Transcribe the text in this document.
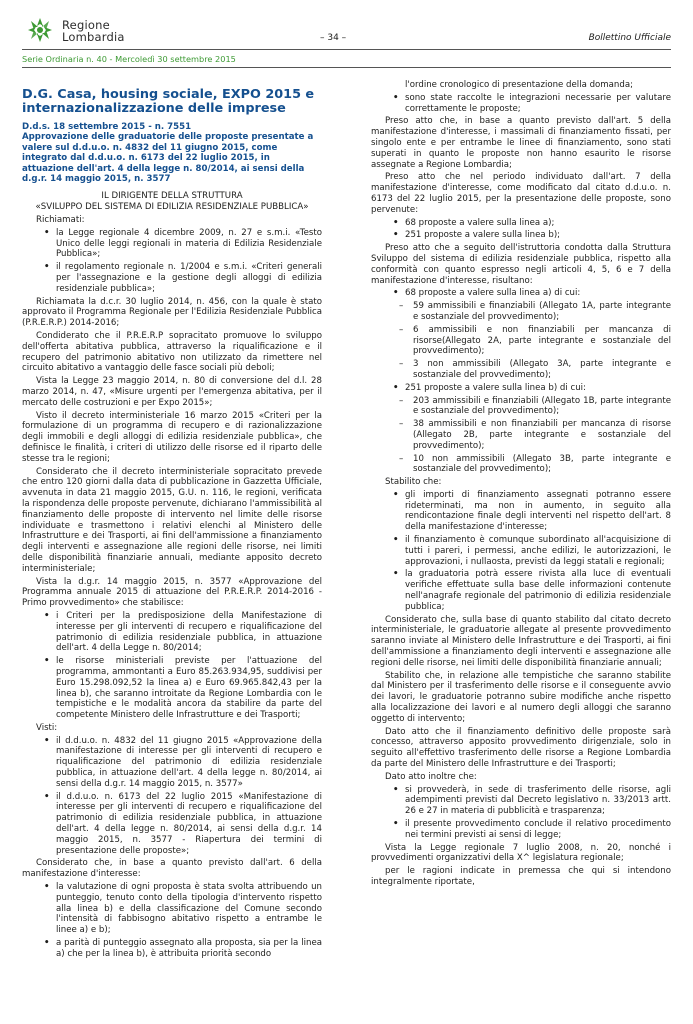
Regione
Lombardia	– 34 –	Bollettino Ufficiale
Serie Ordinaria n. 40 - Mercoledì 30 settembre 2015
D.G. Casa, housing sociale, EXPO 2015 e
internazionalizzazione delle imprese
D.d.s. 18 settembre 2015 - n. 7551
Approvazione delle graduatorie delle proposte presentate a valere sul d.d.u.o. n. 4832 del 11 giugno 2015, come integrato dal d.d.u.o. n. 6173 del 22 luglio 2015, in attuazione dell'art. 4 della legge n. 80/2014, ai sensi della d.g.r. 14 maggio 2015, n. 3577
IL DIRIGENTE DELLA STRUTTURA
«SVILUPPO DEL SISTEMA DI EDILIZIA RESIDENZIALE PUBBLICA»

Richiamati:

• la Legge regionale 4 dicembre 2009, n. 27 e s.m.i. «Testo Unico delle leggi regionali in materia di Edilizia Residenziale Pubblica»;
• il regolamento regionale n. 1/2004 e s.m.i. «Criteri generali per l'assegnazione e la gestione degli alloggi di edilizia residenziale pubblica»;

Richiamata la d.c.r. 30 luglio 2014, n. 456, con la quale è stato approvato il Programma Regionale per l'Edilizia Residenziale Pubblica (P.R.E.R.P.) 2014-2016;

Condiderato che il P.R.E.R.P sopracitato promuove lo sviluppo dell'offerta abitativa pubblica, attraverso la riqualificazione e il recupero del patrimonio abitativo non utilizzato da rimettere nel circuito abitativo a vantaggio delle fasce sociali più deboli;

Vista la Legge 23 maggio 2014, n. 80 di conversione del d.l. 28 marzo 2014, n. 47, «Misure urgenti per l'emergenza abitativa, per il mercato delle costruzioni e per Expo 2015»;

Visto il decreto interministeriale 16 marzo 2015 «Criteri per la formulazione di un programma di recupero e di razionalizzazione degli immobili e degli alloggi di edilizia residenziale pubblica», che definisce le finalità, i criteri di utilizzo delle risorse ed il riparto delle stesse tra le regioni;

Considerato che il decreto interministeriale sopracitato prevede che entro 120 giorni dalla data di pubblicazione in Gazzetta Ufficiale, avvenuta in data 21 maggio 2015, G.U. n. 116, le regioni, verificata la rispondenza delle proposte pervenute, dichiarano l'ammissibilità al finanziamento delle proposte di intervento nel limite delle risorse individuate e trasmettono i relativi elenchi al Ministero delle Infrastrutture e dei Trasporti, ai fini dell'ammissione a finanziamento degli interventi e assegnazione alle regioni delle risorse, nei limiti delle disponibilità finanziarie annuali, mediante apposito decreto interministeriale;

Vista la d.g.r. 14 maggio 2015, n. 3577 «Approvazione del Programma annuale 2015 di attuazione del P.R.E.R.P. 2014-2016 - Primo provvedimento» che stabilisce:

• i Criteri per la predisposizione della Manifestazione di interesse per gli interventi di recupero e riqualificazione del patrimonio di edilizia residenziale pubblica, in attuazione dell'art. 4 della Legge n. 80/2014;
• le risorse ministeriali previste per l'attuazione del programma, ammontanti a Euro 85.263.934,95, suddivisi per Euro 15.298.092,52 la linea a) e Euro 69.965.842,43 per la linea b), che saranno introitate da Regione Lombardia con le tempistiche e le modalità ancora da stabilire da parte del competente Ministero delle Infrastrutture e dei Trasporti;

Visti:

• il d.d.u.o. n. 4832 del 11 giugno 2015 «Approvazione della manifestazione di interesse per gli interventi di recupero e riqualificazione del patrimonio di edilizia residenziale pubblica, in attuazione dell'art. 4 della legge n. 80/2014, ai sensi della d.g.r. 14 maggio 2015, n. 3577»
• il d.d.u.o. n. 6173 del 22 luglio 2015 «Manifestazione di interesse per gli interventi di recupero e riqualificazione del patrimonio di edilizia residenziale pubblica, in attuazione dell'art. 4 della legge n. 80/2014, ai sensi della d.g.r. 14 maggio 2015, n. 3577 - Riapertura dei termini di presentazione delle proposte»;

Considerato che, in base a quanto previsto dall'art. 6 della manifestazione d'interesse:

• la valutazione di ogni proposta è stata svolta attribuendo un punteggio, tenuto conto della tipologia d'intervento rispetto alla linea b) e della classificazione del Comune secondo l'intensità di fabbisogno abitativo rispetto a entrambe le linee a) e b);
• a parità di punteggio assegnato alla proposta, sia per la linea a) che per la linea b), è attribuita priorità secondo
l'ordine cronologico di presentazione della domanda;
• sono state raccolte le integrazioni necessarie per valutare correttamente le proposte;

Preso atto che, in base a quanto previsto dall'art. 5 della manifestazione d'interesse, i massimali di finanziamento fissati, per singolo ente e per entrambe le linee di finanziamento, sono stati superati in quanto le proposte non hanno esaurito le risorse assegnate a Regione Lombardia;

Preso atto che nel periodo individuato dall'art. 7 della manifestazione d'interesse, come modificato dal citato d.d.u.o. n. 6173 del 22 luglio 2015, per la presentazione delle proposte, sono pervenute:

• 68 proposte a valere sulla linea a);
• 251 proposte a valere sulla linea b);

Preso atto che a seguito dell'istruttoria condotta dalla Struttura Sviluppo del sistema di edilizia residenziale pubblica, rispetto alla conformità con quanto espresso negli articoli 4, 5, 6 e 7 della manifestazione d'interesse, risultano:

• 68 proposte a valere sulla linea a) di cui:
– 59 ammissibili e finanziabili (Allegato 1A, parte integrante e sostanziale del provvedimento);
– 6 ammissibili e non finanziabili per mancanza di risorse(Allegato 2A, parte integrante e sostanziale del provvedimento);
– 3 non ammissibili (Allegato 3A, parte integrante e sostanziale del provvedimento);
• 251 proposte a valere sulla linea b) di cui:
– 203 ammissibili e finanziabili (Allegato 1B, parte integrante e sostanziale del provvedimento);
– 38 ammissibili e non finanziabili per mancanza di risorse (Allegato 2B, parte integrante e sostanziale del provvedimento);
– 10 non ammissibili (Allegato 3B, parte integrante e sostanziale del provvedimento);

Stabilito che:

• gli importi di finanziamento assegnati potranno essere rideterminati, ma non in aumento, in seguito alla rendicontazione finale degli interventi nel rispetto dell'art. 8 della manifestazione d'interesse;
• il finanziamento è comunque subordinato all'acquisizione di tutti i pareri, i permessi, anche edilizi, le autorizzazioni, le approvazioni, i nullaosta, previsti da leggi statali e regionali;
• la graduatoria potrà essere rivista alla luce di eventuali verifiche effettuate sulla base delle informazioni contenute nell'anagrafe regionale del patrimonio di edilizia residenziale pubblica;

Considerato che, sulla base di quanto stabilito dal citato decreto interministeriale, le graduatorie allegate al presente provvedimento saranno inviate al Ministero delle Infrastrutture e dei Trasporti, ai fini dell'ammissione a finanziamento degli interventi e assegnazione alle regioni delle risorse, nei limiti delle disponibilità finanziarie annuali;

Stabilito che, in relazione alle tempistiche che saranno stabilite dal Ministero per il trasferimento delle risorse e il conseguente avvio dei lavori, le graduatorie potranno subire modifiche anche rispetto alla localizzazione dei lavori e al numero degli alloggi che saranno oggetto di intervento;

Dato atto che il finanziamento definitivo delle proposte sarà concesso, attraverso apposito provvedimento dirigenziale, solo in seguito all'effettivo trasferimento delle risorse a Regione Lombardia da parte del Ministero delle Infrastrutture e dei Trasporti;

Dato atto inoltre che:

• si provvederà, in sede di trasferimento delle risorse, agli adempimenti previsti dal Decreto legislativo n. 33/2013 artt. 26 e 27 in materia di pubblicità e trasparenza;
• il presente provvedimento conclude il relativo procedimento nei termini previsti ai sensi di legge;

Vista la Legge regionale 7 luglio 2008, n. 20, nonché i provvedimenti organizzativi della X^ legislatura regionale;

per le ragioni indicate in premessa che qui si intendono integralmente riportate,
